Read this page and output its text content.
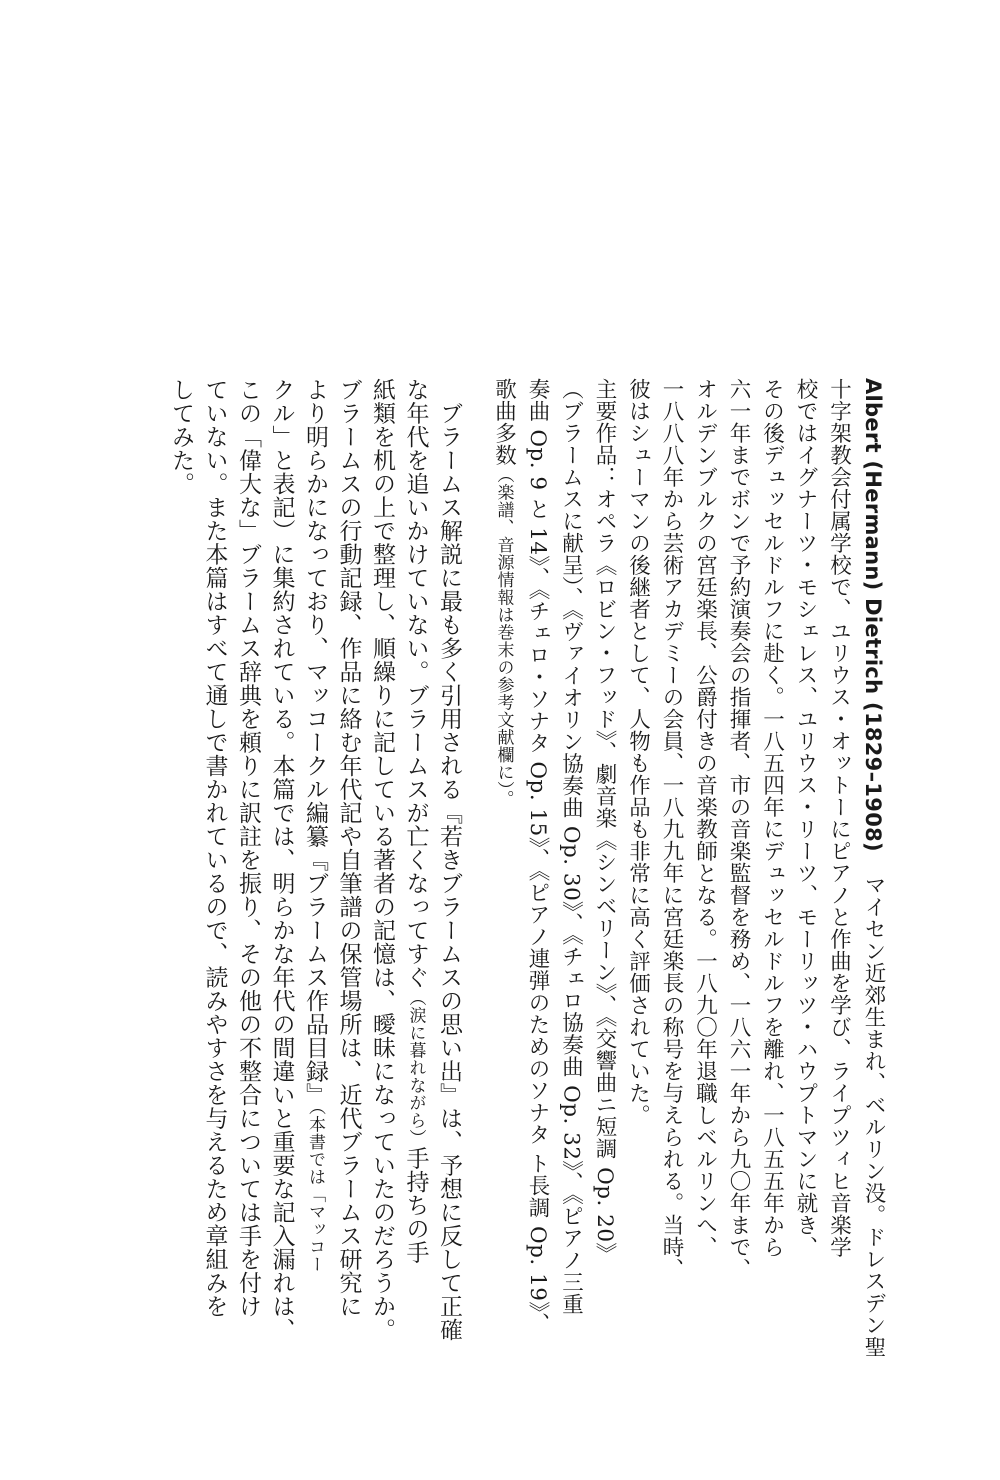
Albert (Hermann) Dietrich (1829–1908)　マイセン近郊生まれ、ベルリン没。ドレスデン聖
十字架教会付属学校で、ユリウス・オットーにピアノと作曲を学び、ライプツィヒ音楽学
校ではイグナーツ・モシェレス、ユリウス・リーツ、モーリッツ・ハウプトマンに就き、
その後デュッセルドルフに赴く。一八五四年にデュッセルドルフを離れ、一八五五年から
六一年までボンで予約演奏会の指揮者、市の音楽監督を務め、一八六一年から九〇年まで、
オルデンブルクの宮廷楽長、公爵付きの音楽教師となる。一八九〇年退職しベルリンへ、
一八八八年から芸術アカデミーの会員、一八九九年に宮廷楽長の称号を与えられる。当時、
彼はシューマンの後継者として、人物も作品も非常に高く評価されていた。
主要作品：オペラ《ロビン・フッド》、劇音楽《シンベリーン》、《交響曲ニ短調 Op. 20》
（ブラームスに献呈）、《ヴァイオリン協奏曲 Op. 30》、《チェロ協奏曲 Op. 32》、《ピアノ三重
奏曲 Op. 9 と 14》、《チェロ・ソナタ Op. 15》、《ピアノ連弾のためのソナタ ト長調 Op. 19》、
歌曲多数（楽譜、音源情報は巻末の参考文献欄に）。
　ブラームス解説に最も多く引用される『若きブラームスの思い出』は、予想に反して正確
な年代を追いかけていない。ブラームスが亡くなってすぐ（涙に暮れながら）手持ちの手
紙類を机の上で整理し、順繰りに記している著者の記憶は、曖昧になっていたのだろうか。
ブラームスの行動記録、作品に絡む年代記や自筆譜の保管場所は、近代ブラームス研究に
より明らかになっており、マッコークル編纂『ブラームス作品目録』（本書では「マッコー
クル」と表記）に集約されている。本篇では、明らかな年代の間違いと重要な記入漏れは、
この「偉大な」ブラームス辞典を頼りに訳註を振り、その他の不整合については手を付け
ていない。また本篇はすべて通しで書かれているので、読みやすさを与えるため章組みを
してみた。
